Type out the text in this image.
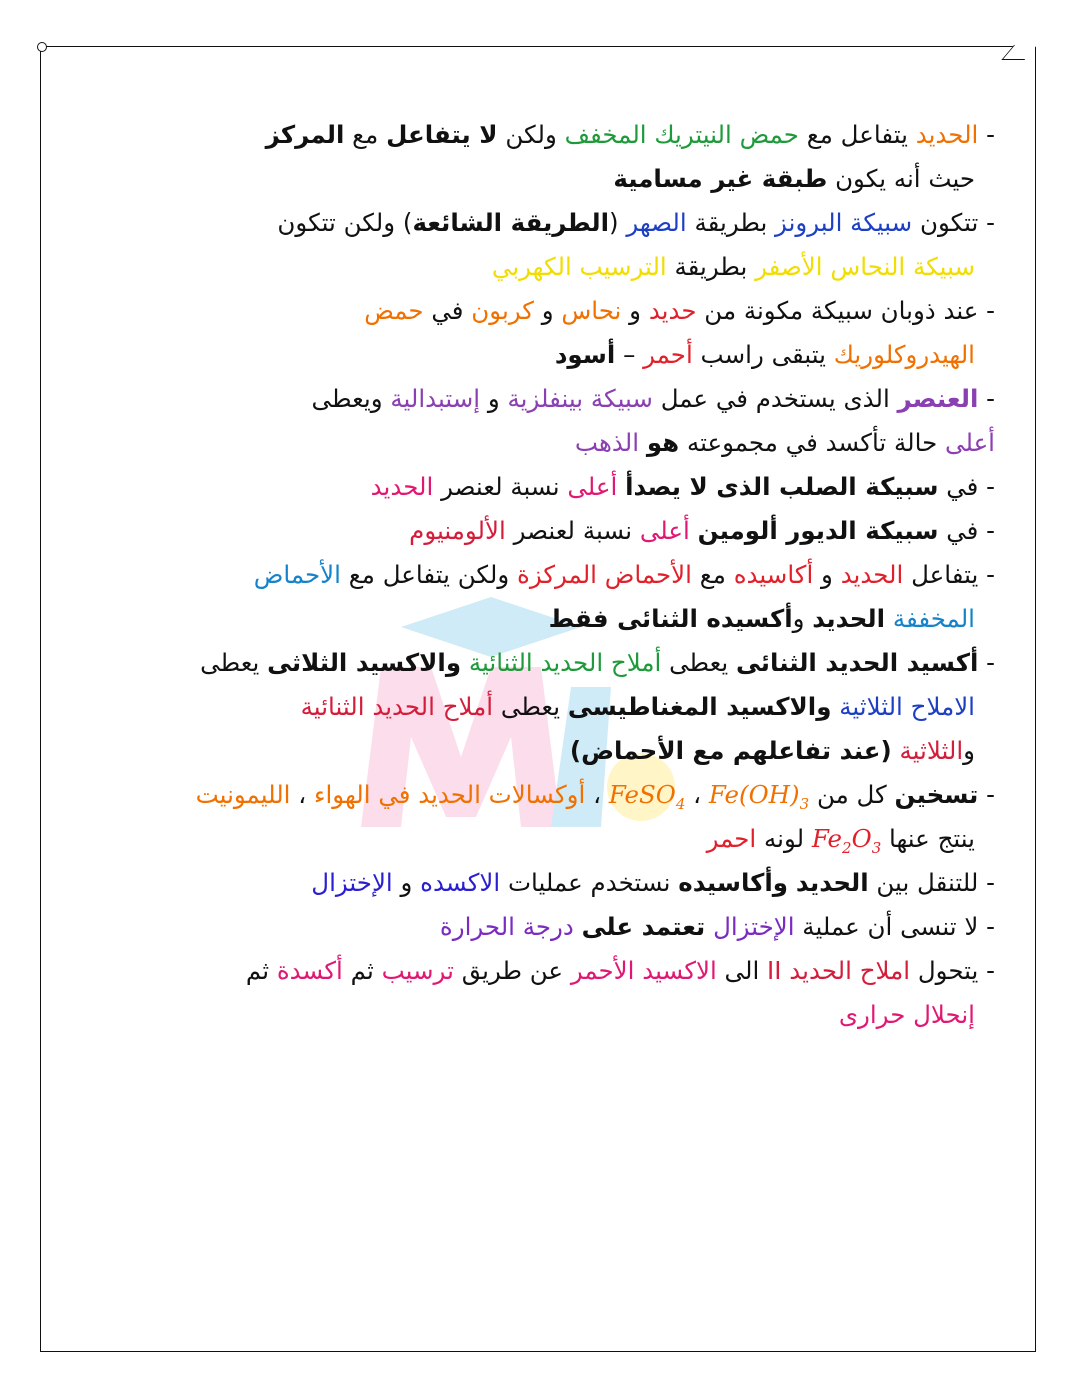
- الحديد يتفاعل مع حمض النيتريك المخفف ولكن لا يتفاعل مع المركز
حيث أنه يكون طبقة غير مسامية
- تتكون سبيكة البرونز بطريقة الصهر (الطريقة الشائعة) ولكن تتكون
سبيكة النحاس الأصفر بطريقة الترسيب الكهربي
- عند ذوبان سبيكة مكونة من حديد و نحاس و كربون في حمض
الهيدروكلوريك يتبقى راسب أحمر – أسود
- العنصر الذى يستخدم في عمل سبيكة بينفلزية و إستبدالية ويعطى
أعلى حالة تأكسد في مجموعته هو الذهب
- في سبيكة الصلب الذى لا يصدأ أعلى نسبة لعنصر الحديد
- في سبيكة الديور ألومين أعلى نسبة لعنصر الألومنيوم
- يتفاعل الحديد و أكاسيده مع الأحماض المركزة ولكن يتفاعل مع الأحماض
المخففة الحديد وأكسيده الثنائى فقط
- أكسيد الحديد الثنائى يعطى أملاح الحديد الثنائية والاكسيد الثلاثى يعطى
الاملاح الثلاثية والاكسيد المغناطيسى يعطى أملاح الحديد الثنائية
والثلاثية (عند تفاعلهم مع الأحماض)
- تسخين كل من $Fe(OH)_3$ ، FeSO$_4$ ، أوكسالات الحديد في الهواء ، الليمونيت
ينتج عنها $Fe_2O_3$ لونه احمر
- للتنقل بين الحديد وأكاسيده نستخدم عمليات الاكسده و الإختزال
- لا تنسى أن عملية الإختزال تعتمد على درجة الحرارة
- يتحول املاح الحديد II الى الاكسيد الأحمر عن طريق ترسيب ثم أكسدة ثم
إنحلال حرارى
